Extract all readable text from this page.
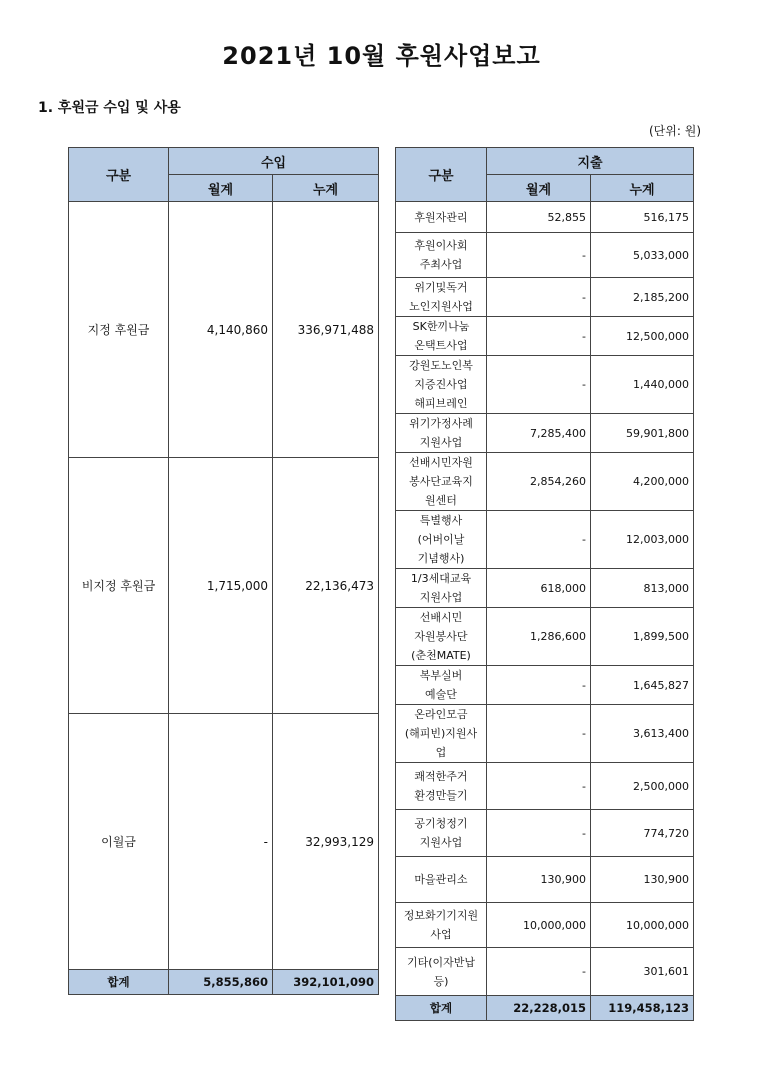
2021년 10월 후원사업보고
1. 후원금 수입 및 사용
(단위: 원)
구분	수입	
	월계	누계
지정 후원금	4,140,860	336,971,488
비지정 후원금	1,715,000	22,136,473
이월금	-	32,993,129
합계	5,855,860	392,101,090
구분	지출	
	월계	누계
후원자관리	52,855	516,175
후원이사회
주최사업	-	5,033,000
위기및독거
노인지원사업	-	2,185,200
SK한끼나눔
온택트사업	-	12,500,000
강원도노인복
지증진사업
해피브레인	-	1,440,000
위기가정사례
지원사업	7,285,400	59,901,800
선배시민자원
봉사단교육지
원센터	2,854,260	4,200,000
특별행사
(어버이날
기념행사)	-	12,003,000
1/3세대교육
지원사업	618,000	813,000
선배시민
자원봉사단
(춘천MATE)	1,286,600	1,899,500
복부실버
예술단	-	1,645,827
온라인모금
(해피빈)지원사업	-	3,613,400
쾌적한주거
환경만들기	-	2,500,000
공기청정기
지원사업	-	774,720
마을관리소	130,900	130,900
정보화기기지원사업	10,000,000	10,000,000
기타(이자반납 등)	-	301,601
합계	22,228,015	119,458,123
